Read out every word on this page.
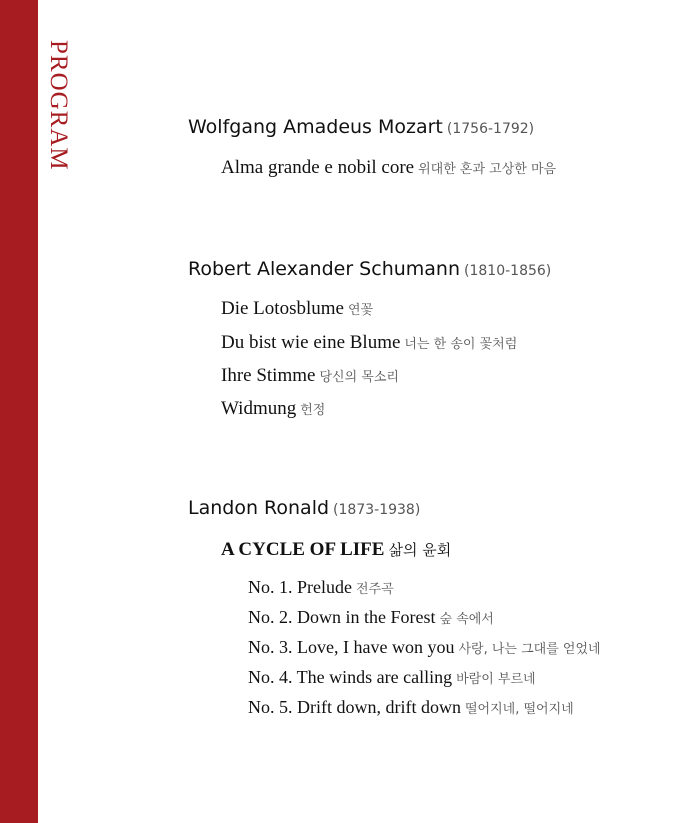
PROGRAM	Wolfgang Amadeus Mozart (1756-1792)
Alma grande e nobil core 위대한 혼과 고상한 마음
Robert Alexander Schumann (1810-1856)
Die Lotosblume 연꽃
Du bist wie eine Blume 너는 한 송이 꽃처럼
Ihre Stimme 당신의 목소리
Widmung 헌정
Landon Ronald (1873-1938)
A CYCLE OF LIFE 삶의 윤회
No. 1. Prelude 전주곡
No. 2. Down in the Forest 숲 속에서
No. 3. Love, I have won you 사랑, 나는 그대를 얻었네
No. 4. The winds are calling 바람이 부르네
No. 5. Drift down, drift down 떨어지네, 떨어지네
